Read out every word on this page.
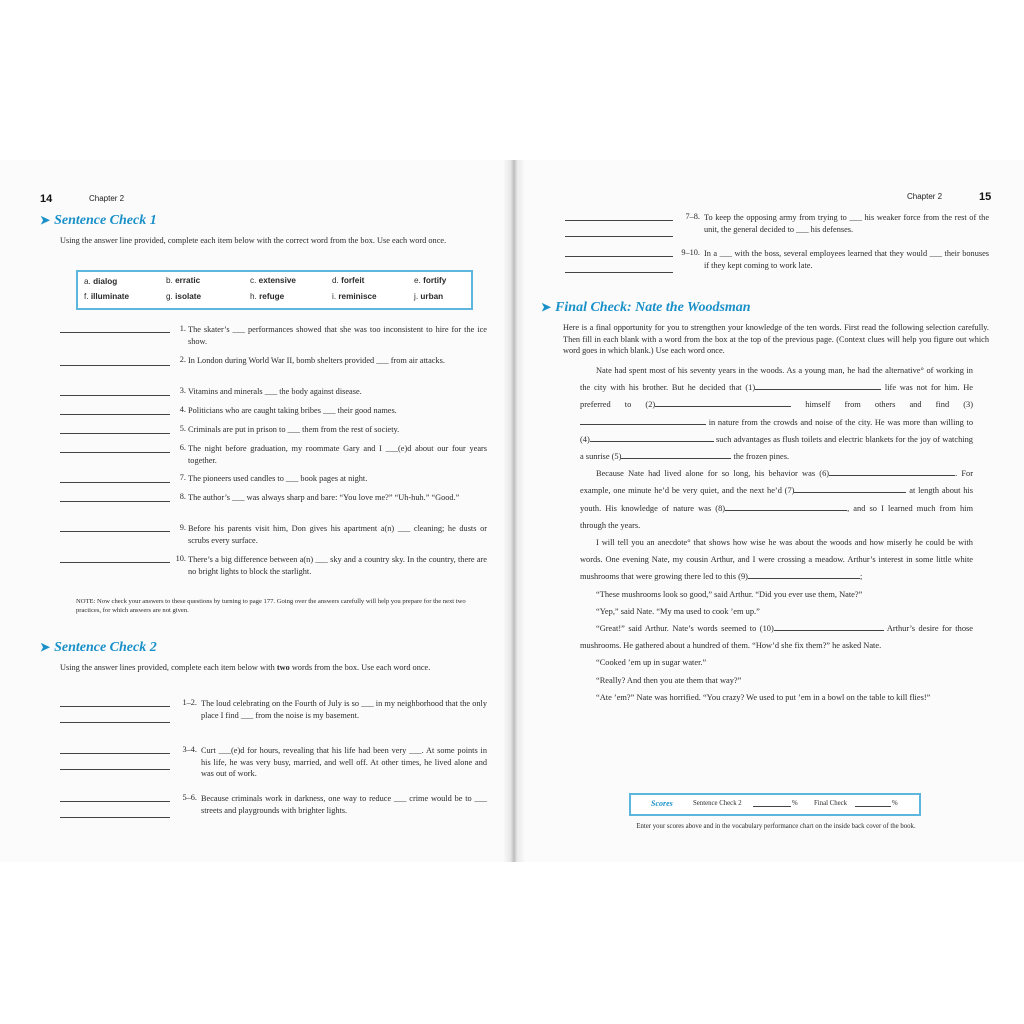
14	Chapter 2
➤ Sentence Check 1
Using the answer line provided, complete each item below with the correct word from the box. Use each word once.
a. dialog	b. erratic	c. extensive	d. forfeit	e. fortify
f. illuminate	g. isolate	h. refuge	i. reminisce	j. urban
1. The skater’s ___ performances showed that she was too inconsistent to hire for the ice show.
2. In London during World War II, bomb shelters provided ___ from air attacks.
3. Vitamins and minerals ___ the body against disease.
4. Politicians who are caught taking bribes ___ their good names.
5. Criminals are put in prison to ___ them from the rest of society.
6. The night before graduation, my roommate Gary and I ___(e)d about our four years together.
7. The pioneers used candles to ___ book pages at night.
8. The author’s ___ was always sharp and bare: “You love me?” “Uh-huh.” “Good.”
9. Before his parents visit him, Don gives his apartment a(n) ___ cleaning; he dusts or scrubs every surface.
10. There’s a big difference between a(n) ___ sky and a country sky. In the country, there are no bright lights to block the starlight.
NOTE: Now check your answers to these questions by turning to page 177. Going over the answers carefully will help you prepare for the next two practices, for which answers are not given.
➤ Sentence Check 2
Using the answer lines provided, complete each item below with two words from the box. Use each word once.
1–2. The loud celebrating on the Fourth of July is so ___ in my neighborhood that the only place I find ___ from the noise is my basement.
3–4. Curt ___(e)d for hours, revealing that his life had been very ___. At some points in his life, he was very busy, married, and well off. At other times, he lived alone and was out of work.
5–6. Because criminals work in darkness, one way to reduce ___ crime would be to ___ streets and playgrounds with brighter lights.
Chapter 2	15
7–8. To keep the opposing army from trying to ___ his weaker force from the rest of the unit, the general decided to ___ his defenses.
9–10. In a ___ with the boss, several employees learned that they would ___ their bonuses if they kept coming to work late.
➤ Final Check: Nate the Woodsman
Here is a final opportunity for you to strengthen your knowledge of the ten words. First read the following selection carefully. Then fill in each blank with a word from the box at the top of the previous page. (Context clues will help you figure out which word goes in which blank.) Use each word once.

Nate had spent most of his seventy years in the woods. As a young man, he had the alternative° of working in the city with his brother. But he decided that (1)	life was not for him. He preferred to (2)	himself from others and find (3) in nature from the crowds and noise of the city. He was more than willing to (4)	such advantages as flush toilets and electric blankets for the joy of watching a sunrise (5)	the frozen pines.

Because Nate had lived alone for so long, his behavior was (6)	. For example, one minute he’d be very quiet, and the next he’d (7)	at length about his youth. His knowledge of nature was (8)	, and so I learned much from him through the years.

I will tell you an anecdote° that shows how wise he was about the woods and how miserly he could be with words. One evening Nate, my cousin Arthur, and I were crossing a meadow. Arthur’s interest in some little white mushrooms that were growing there led to this (9)	;

“These mushrooms look so good,” said Arthur. “Did you ever use them, Nate?”

“Yep,” said Nate. “My ma used to cook ’em up.”

“Great!” said Arthur. Nate’s words seemed to (10)	Arthur’s desire for those mushrooms. He gathered about a hundred of them. “How’d she fix them?” he asked Nate.

“Cooked ’em up in sugar water.”

“Really? And then you ate them that way?”

“Ate ’em?” Nate was horrified. “You crazy? We used to put ’em in a bowl on the table to kill flies!”

Scores	Sentence Check 2	% Final Check	%
Enter your scores above and in the vocabulary performance chart on the inside back cover of the book.
